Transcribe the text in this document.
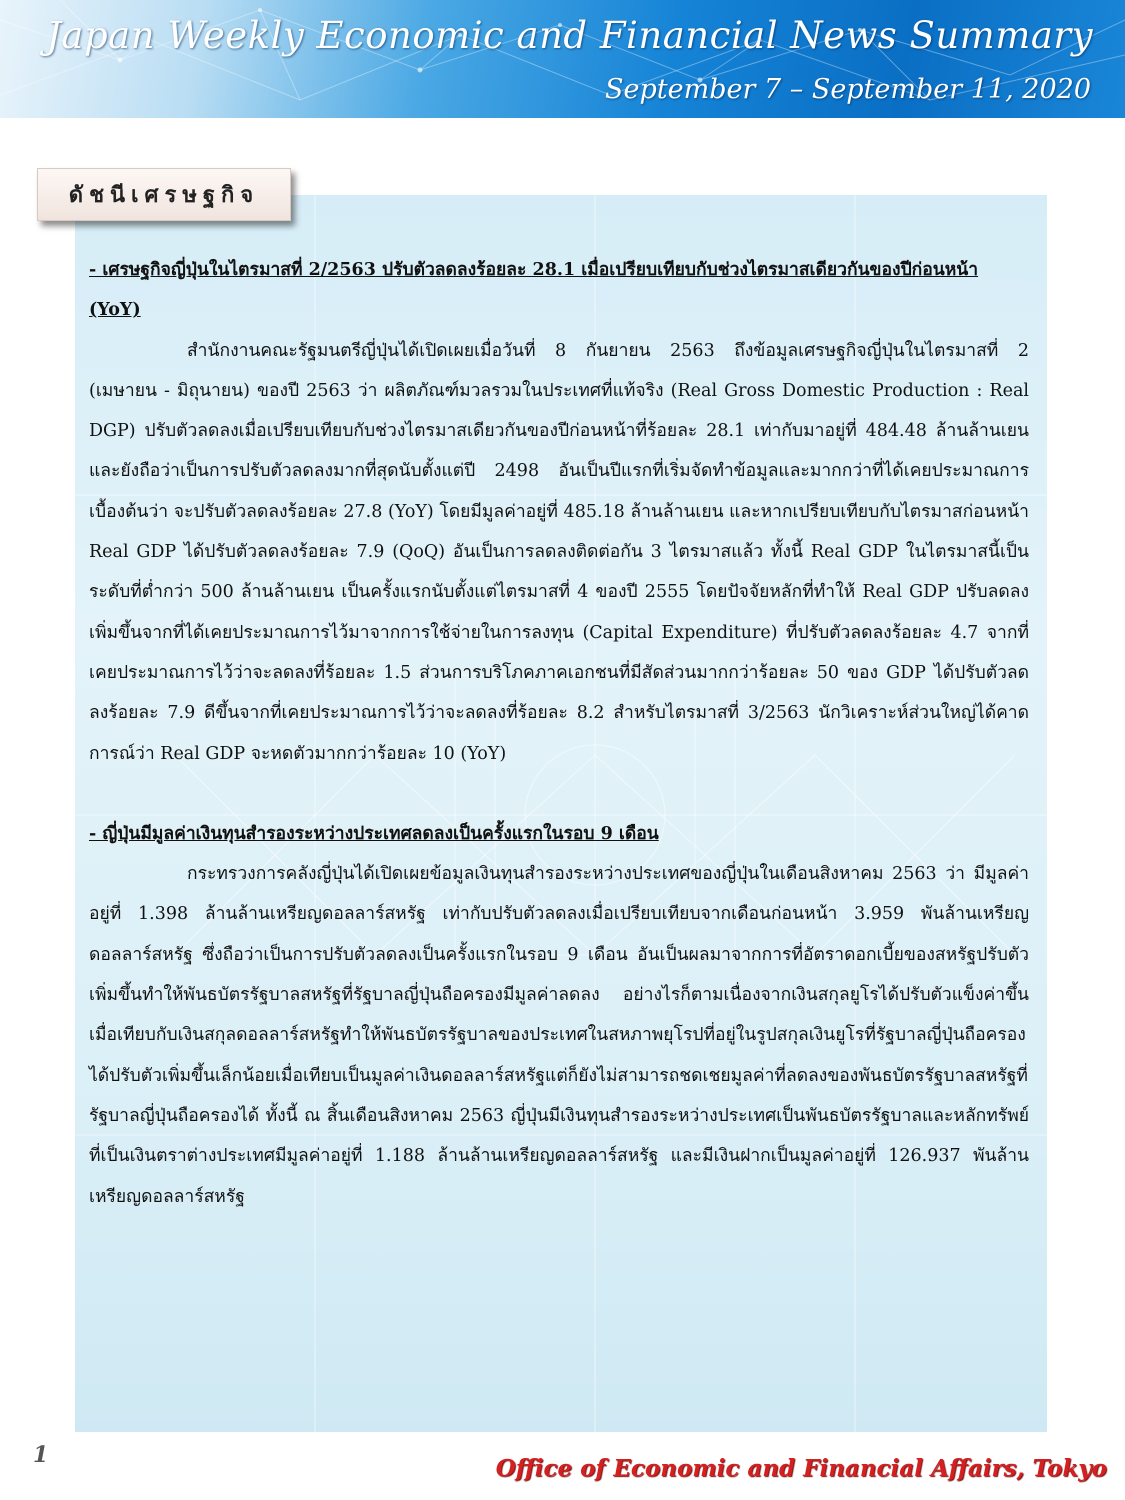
Japan Weekly Economic and Financial News Summary
September 7 – September 11, 2020
ดัชนีเศรษฐกิจ
- เศรษฐกิจญี่ปุ่นในไตรมาสที่ 2/2563 ปรับตัวลดลงร้อยละ 28.1 เมื่อเปรียบเทียบกับช่วงไตรมาสเดียวกันของปีก่อนหน้า (YoY)

สำนักงานคณะรัฐมนตรีญี่ปุ่นได้เปิดเผยเมื่อวันที่ 8 กันยายน 2563 ถึงข้อมูลเศรษฐกิจญี่ปุ่นในไตรมาสที่ 2 (เมษายน - มิถุนายน) ของปี 2563 ว่า ผลิตภัณฑ์มวลรวมในประเทศที่แท้จริง (Real Gross Domestic Production : Real DGP) ปรับตัวลดลงเมื่อเปรียบเทียบกับช่วงไตรมาสเดียวกันของปีก่อนหน้าที่ร้อยละ 28.1 เท่ากับมาอยู่ที่ 484.48 ล้านล้านเยน และยังถือว่าเป็นการปรับตัวลดลงมากที่สุดนับตั้งแต่ปี 2498 อันเป็นปีแรกที่เริ่มจัดทำข้อมูลและมากกว่าที่ได้เคยประมาณการเบื้องต้นว่า จะปรับตัวลดลงร้อยละ 27.8 (YoY) โดยมีมูลค่าอยู่ที่ 485.18 ล้านล้านเยน และหากเปรียบเทียบกับไตรมาสก่อนหน้า Real GDP ได้ปรับตัวลดลงร้อยละ 7.9 (QoQ) อันเป็นการลดลงติดต่อกัน 3 ไตรมาสแล้ว ทั้งนี้ Real GDP ในไตรมาสนี้เป็นระดับที่ต่ำกว่า 500 ล้านล้านเยน เป็นครั้งแรกนับตั้งแต่ไตรมาสที่ 4 ของปี 2555 โดยปัจจัยหลักที่ทำให้ Real GDP ปรับลดลงเพิ่มขึ้นจากที่ได้เคยประมาณการไว้มาจากการใช้จ่ายในการลงทุน (Capital Expenditure) ที่ปรับตัวลดลงร้อยละ 4.7 จากที่เคยประมาณการไว้ว่าจะลดลงที่ร้อยละ 1.5 ส่วนการบริโภคภาคเอกชนที่มีสัดส่วนมากกว่าร้อยละ 50 ของ GDP ได้ปรับตัวลดลงร้อยละ 7.9 ดีขึ้นจากที่เคยประมาณการไว้ว่าจะลดลงที่ร้อยละ 8.2 สำหรับไตรมาสที่ 3/2563 นักวิเคราะห์ส่วนใหญ่ได้คาดการณ์ว่า Real GDP จะหดตัวมากกว่าร้อยละ 10 (YoY)

- ญี่ปุ่นมีมูลค่าเงินทุนสำรองระหว่างประเทศลดลงเป็นครั้งแรกในรอบ 9 เดือน

กระทรวงการคลังญี่ปุ่นได้เปิดเผยข้อมูลเงินทุนสำรองระหว่างประเทศของญี่ปุ่นในเดือนสิงหาคม 2563 ว่า มีมูลค่าอยู่ที่ 1.398 ล้านล้านเหรียญดอลลาร์สหรัฐ เท่ากับปรับตัวลดลงเมื่อเปรียบเทียบจากเดือนก่อนหน้า 3.959 พันล้านเหรียญดอลลาร์สหรัฐ ซึ่งถือว่าเป็นการปรับตัวลดลงเป็นครั้งแรกในรอบ 9 เดือน อันเป็นผลมาจากการที่อัตราดอกเบี้ยของสหรัฐปรับตัวเพิ่มขึ้นทำให้พันธบัตรรัฐบาลสหรัฐที่รัฐบาลญี่ปุ่นถือครองมีมูลค่าลดลง อย่างไรก็ตามเนื่องจากเงินสกุลยูโรได้ปรับตัวแข็งค่าขึ้นเมื่อเทียบกับเงินสกุลดอลลาร์สหรัฐทำให้พันธบัตรรัฐบาลของประเทศในสหภาพยุโรปที่อยู่ในรูปสกุลเงินยูโรที่รัฐบาลญี่ปุ่นถือครองได้ปรับตัวเพิ่มขึ้นเล็กน้อยเมื่อเทียบเป็นมูลค่าเงินดอลลาร์สหรัฐแต่ก็ยังไม่สามารถชดเชยมูลค่าที่ลดลงของพันธบัตรรัฐบาลสหรัฐที่รัฐบาลญี่ปุ่นถือครองได้ ทั้งนี้ ณ สิ้นเดือนสิงหาคม 2563 ญี่ปุ่นมีเงินทุนสำรองระหว่างประเทศเป็นพันธบัตรรัฐบาลและหลักทรัพย์ที่เป็นเงินตราต่างประเทศมีมูลค่าอยู่ที่ 1.188 ล้านล้านเหรียญดอลลาร์สหรัฐ และมีเงินฝากเป็นมูลค่าอยู่ที่ 126.937 พันล้านเหรียญดอลลาร์สหรัฐ

1	Office of Economic and Financial Affairs, Tokyo
